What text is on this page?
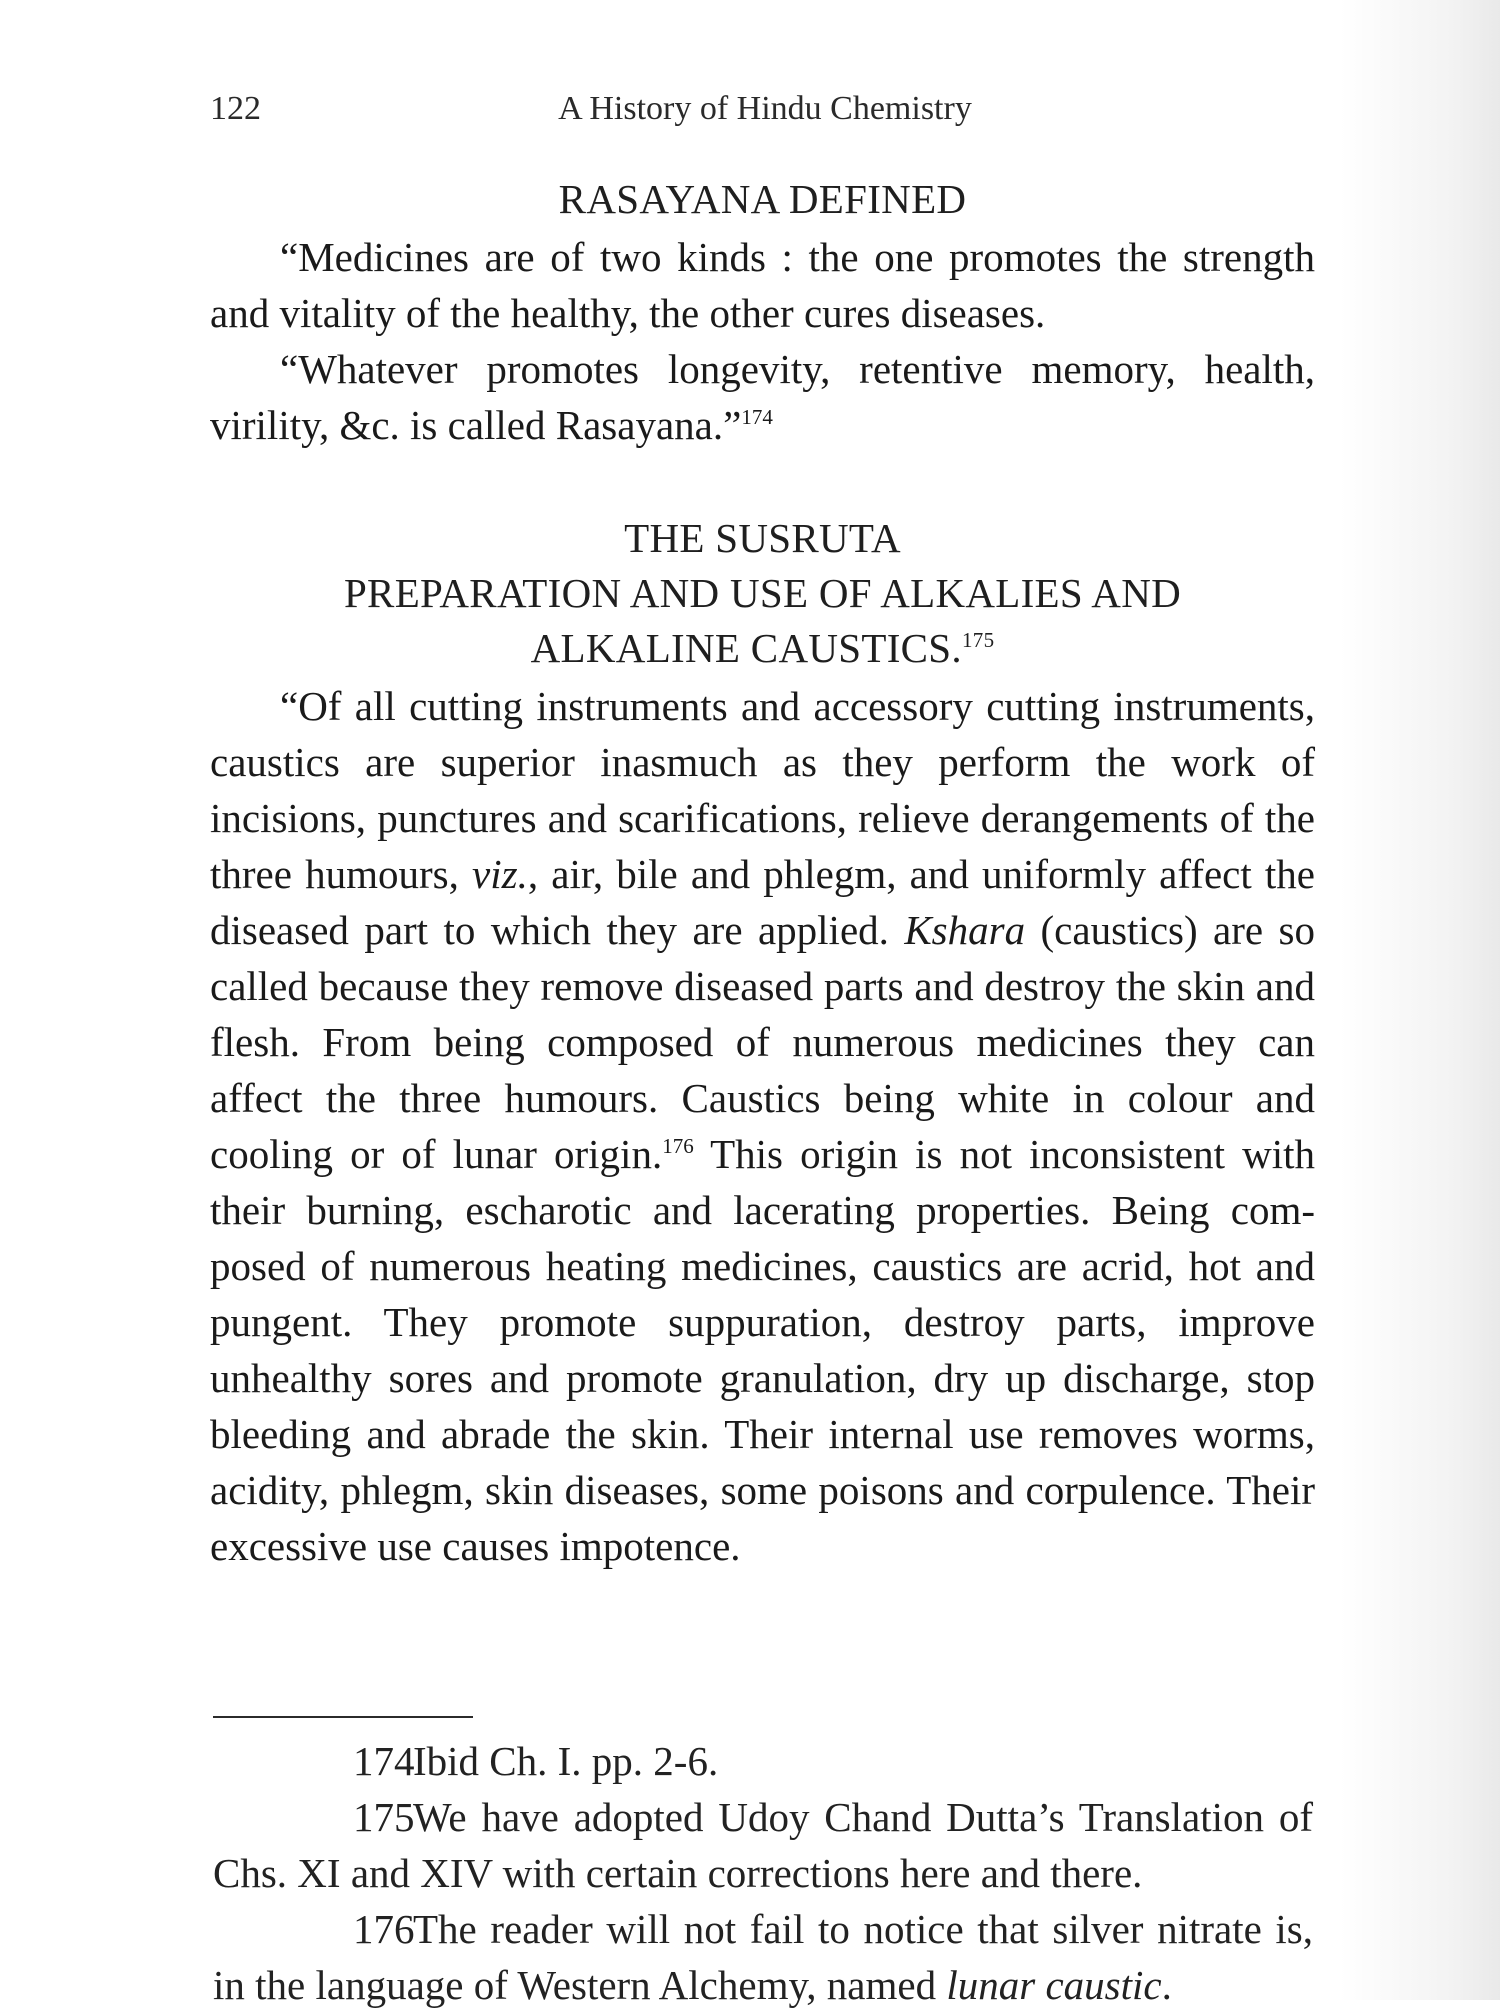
122	A History of Hindu Chemistry
RASAYANA DEFINED

“Medicines are of two kinds : the one promotes the strength and vitality of the healthy, the other cures diseases.

“Whatever promotes longevity, retentive memory, health, virility, &c. is called Rasayana.”$^{174}$

THE SUSRUTA
PREPARATION AND USE OF ALKALIES AND
ALKALINE CAUSTICS.$^{175}$

“Of all cutting instruments and accessory cutting instruments, caustics are superior inasmuch as they perform the work of incisions, punctures and scarifications, relieve derangements of the three humours, viz., air, bile and phlegm, and uniformly affect the diseased part to which they are applied. Kshara (caustics) are so called because they remove diseased parts and destroy the skin and flesh. From being composed of numerous medicines they can affect the three humours. Caustics being white in colour and cooling or of lunar origin.$^{176}$ This origin is not inconsistent with their burning, escharotic and lacerating properties. Being composed of numerous heating medicines, caustics are acrid, hot and pungent. They promote suppuration, destroy parts, improve unhealthy sores and promote granulation, dry up discharge, stop bleeding and abrade the skin. Their internal use removes worms, acidity, phlegm, skin diseases, some poisons and corpulence. Their excessive use causes impotence.

174Ibid Ch. I. pp. 2-6.

175We have adopted Udoy Chand Dutta’s Translation of Chs. XI and XIV with certain corrections here and there.

176The reader will not fail to notice that silver nitrate is, in the language of Western Alchemy, named lunar caustic.
